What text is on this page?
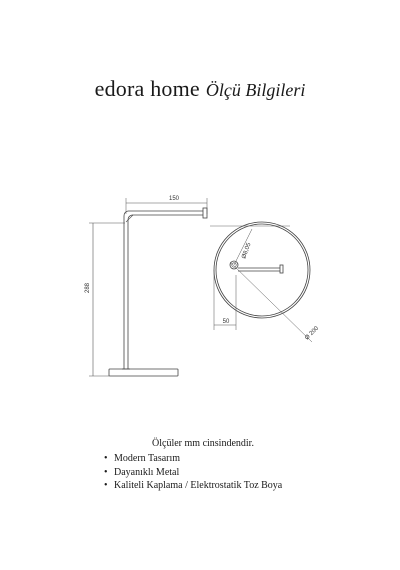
edora home Ölçü Bilgileri
150
288
Ø8,05
50
Ø 200
Ölçüler mm cinsindendir.
• Modern Tasarım
• Dayanıklı Metal
• Kaliteli Kaplama / Elektrostatik Toz Boya
